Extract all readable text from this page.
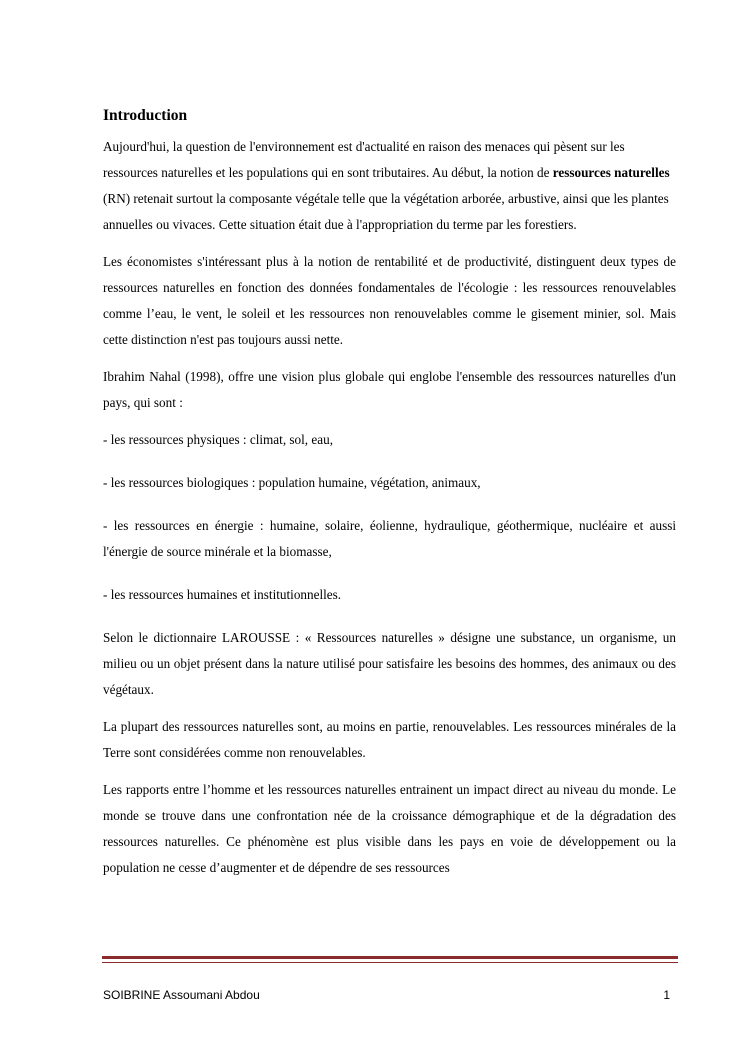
Introduction

Aujourd'hui, la question de l'environnement est d'actualité en raison des menaces qui pèsent sur les ressources naturelles et les populations qui en sont tributaires. Au début, la notion de ressources naturelles (RN) retenait surtout la composante végétale telle que la végétation arborée, arbustive, ainsi que les plantes annuelles ou vivaces. Cette situation était due à l'appropriation du terme par les forestiers.

Les économistes s'intéressant plus à la notion de rentabilité et de productivité, distinguent deux types de ressources naturelles en fonction des données fondamentales de l'écologie : les ressources renouvelables comme l’eau, le vent, le soleil et les ressources non renouvelables comme le gisement minier, sol. Mais cette distinction n'est pas toujours aussi nette.

Ibrahim Nahal (1998), offre une vision plus globale qui englobe l'ensemble des ressources naturelles d'un pays, qui sont :

- les ressources physiques : climat, sol, eau,

- les ressources biologiques : population humaine, végétation, animaux,

- les ressources en énergie : humaine, solaire, éolienne, hydraulique, géothermique, nucléaire et aussi l'énergie de source minérale et la biomasse,

- les ressources humaines et institutionnelles.

Selon le dictionnaire LAROUSSE : « Ressources naturelles » désigne une substance, un organisme, un milieu ou un objet présent dans la nature utilisé pour satisfaire les besoins des hommes, des animaux ou des végétaux.

La plupart des ressources naturelles sont, au moins en partie, renouvelables. Les ressources minérales de la Terre sont considérées comme non renouvelables.

Les rapports entre l’homme et les ressources naturelles entrainent un impact direct au niveau du monde. Le monde se trouve dans une confrontation née de la croissance démographique et de la dégradation des ressources naturelles. Ce phénomène est plus visible dans les pays en voie de développement ou la population ne cesse d’augmenter et de dépendre de ses ressources

SOIBRINE Assoumani Abdou	1
